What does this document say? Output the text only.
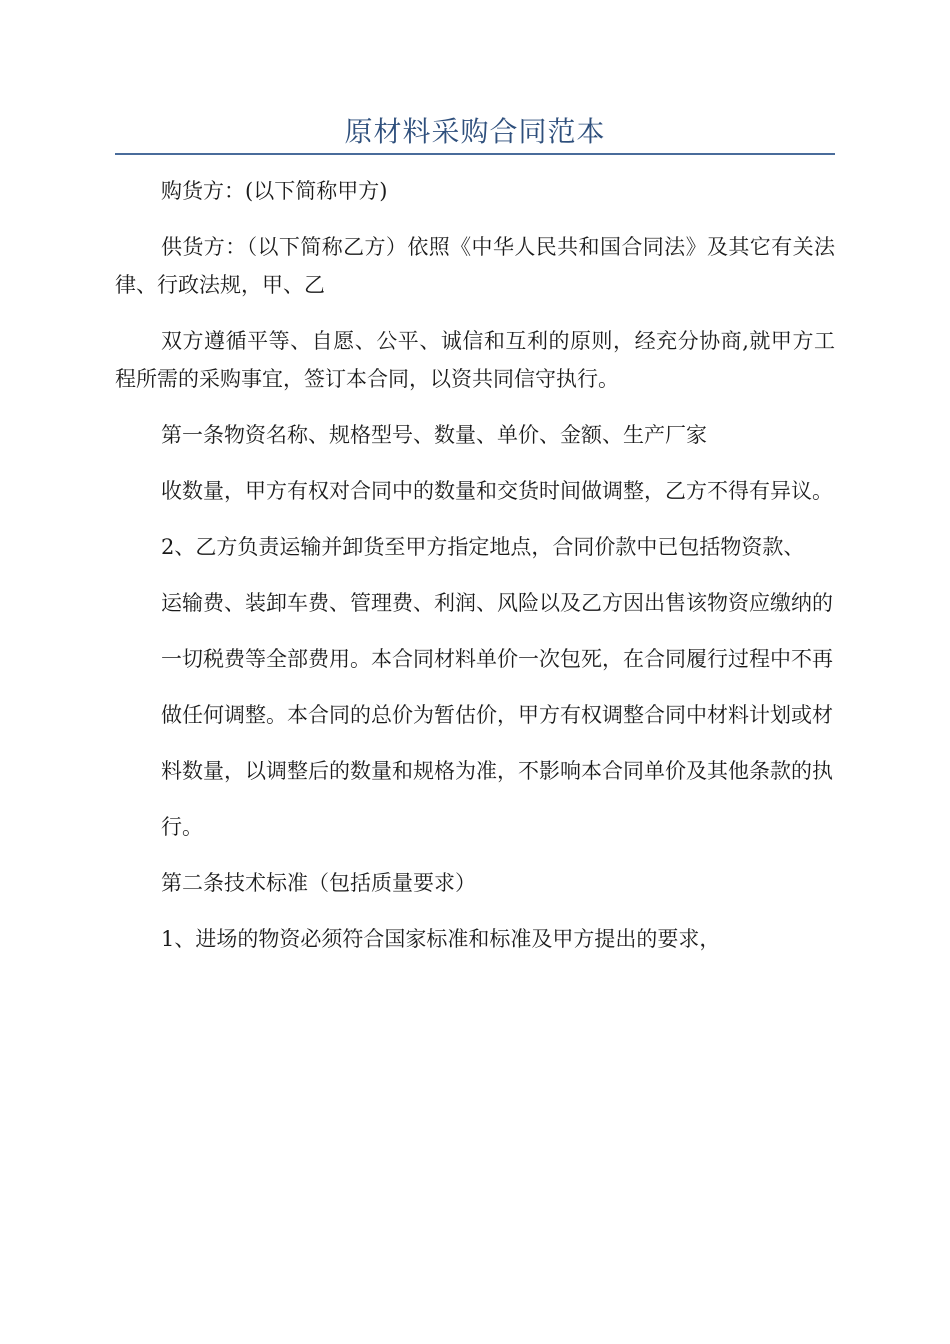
原材料采购合同范本

购货方：(以下简称甲方)

供货方：（以下简称乙方）依照《中华人民共和国合同法》及其它有关法律、行政法规，甲、乙

双方遵循平等、自愿、公平、诚信和互利的原则，经充分协商,就甲方工程所需的采购事宜，签订本合同，以资共同信守执行。

第一条物资名称、规格型号、数量、单价、金额、生产厂家

收数量，甲方有权对合同中的数量和交货时间做调整，乙方不得有异议。

2、乙方负责运输并卸货至甲方指定地点，合同价款中已包括物资款、

运输费、装卸车费、管理费、利润、风险以及乙方因出售该物资应缴纳的

一切税费等全部费用。本合同材料单价一次包死，在合同履行过程中不再

做任何调整。本合同的总价为暂估价，甲方有权调整合同中材料计划或材

料数量，以调整后的数量和规格为准，不影响本合同单价及其他条款的执

行。

第二条技术标准（包括质量要求）

1、进场的物资必须符合国家标准和标准及甲方提出的要求，
